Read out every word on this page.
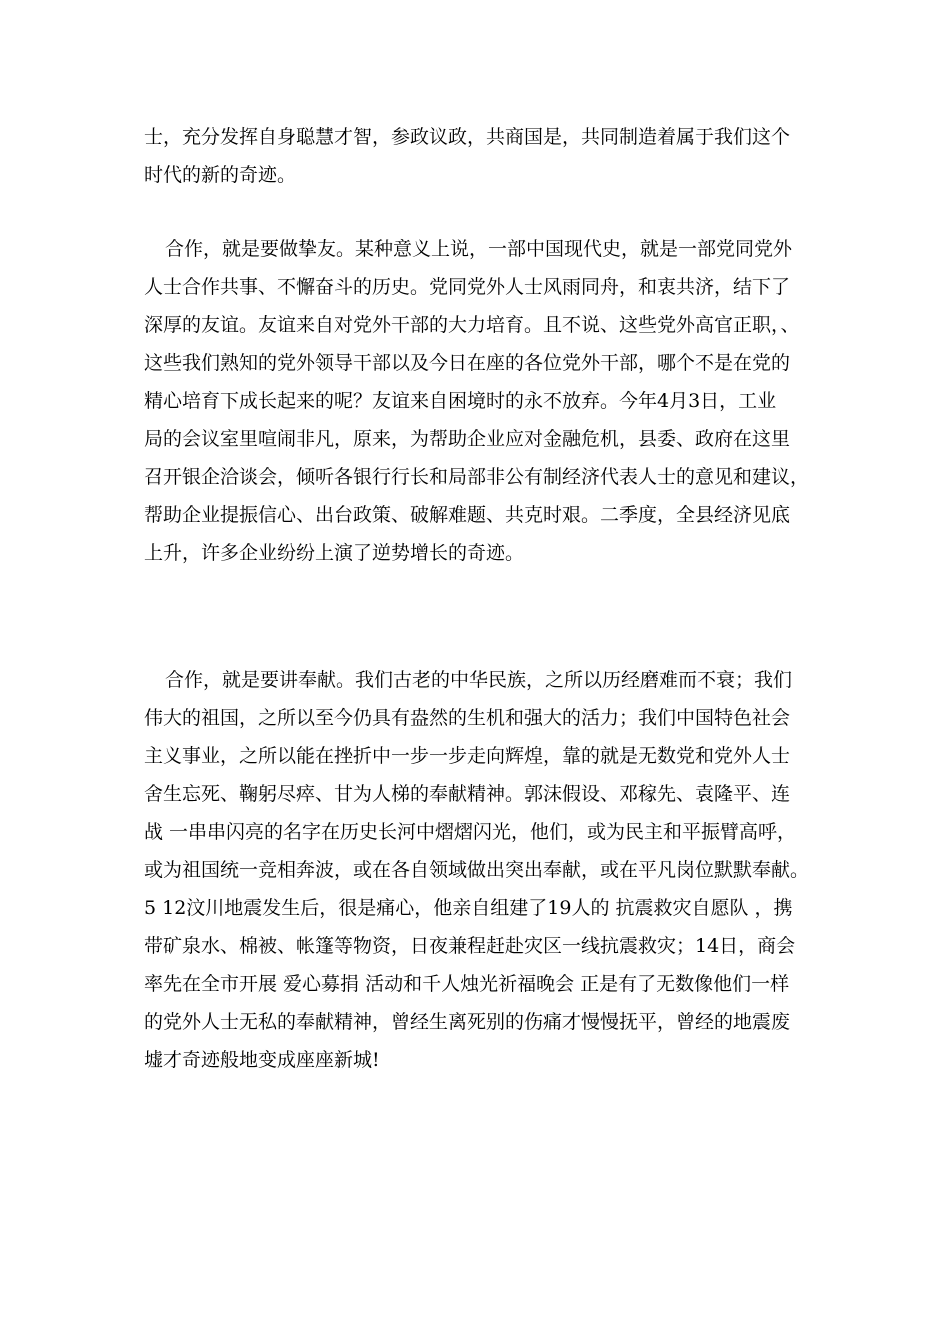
士，充分发挥自身聪慧才智，参政议政，共商国是，共同制造着属于我们这个
时代的新的奇迹。
合作，就是要做挚友。某种意义上说，一部中国现代史，就是一部党同党外
人士合作共事、不懈奋斗的历史。党同党外人士风雨同舟，和衷共济，结下了
深厚的友谊。友谊来自对党外干部的大力培育。且不说、这些党外高官正职，、
这些我们熟知的党外领导干部以及今日在座的各位党外干部，哪个不是在党的
精心培育下成长起来的呢？友谊来自困境时的永不放弃。今年4月3日，工业
局的会议室里喧闹非凡，原来，为帮助企业应对金融危机，县委、政府在这里
召开银企洽谈会，倾听各银行行长和局部非公有制经济代表人士的意见和建议，
帮助企业提振信心、出台政策、破解难题、共克时艰。二季度，全县经济见底
上升，许多企业纷纷上演了逆势增长的奇迹。
合作，就是要讲奉献。我们古老的中华民族，之所以历经磨难而不衰；我们
伟大的祖国，之所以至今仍具有盎然的生机和强大的活力；我们中国特色社会
主义事业，之所以能在挫折中一步一步走向辉煌，靠的就是无数党和党外人士
舍生忘死、鞠躬尽瘁、甘为人梯的奉献精神。郭沫假设、邓稼先、袁隆平、连
战 一串串闪亮的名字在历史长河中熠熠闪光，他们，或为民主和平振臂高呼，
或为祖国统一竞相奔波，或在各自领域做出突出奉献，或在平凡岗位默默奉献。
5 12汶川地震发生后，很是痛心，他亲自组建了19人的 抗震救灾自愿队 ，携
带矿泉水、棉被、帐篷等物资，日夜兼程赶赴灾区一线抗震救灾；14日，商会
率先在全市开展 爱心募捐 活动和千人烛光祈福晚会 正是有了无数像他们一样
的党外人士无私的奉献精神，曾经生离死别的伤痛才慢慢抚平，曾经的地震废
墟才奇迹般地变成座座新城!
